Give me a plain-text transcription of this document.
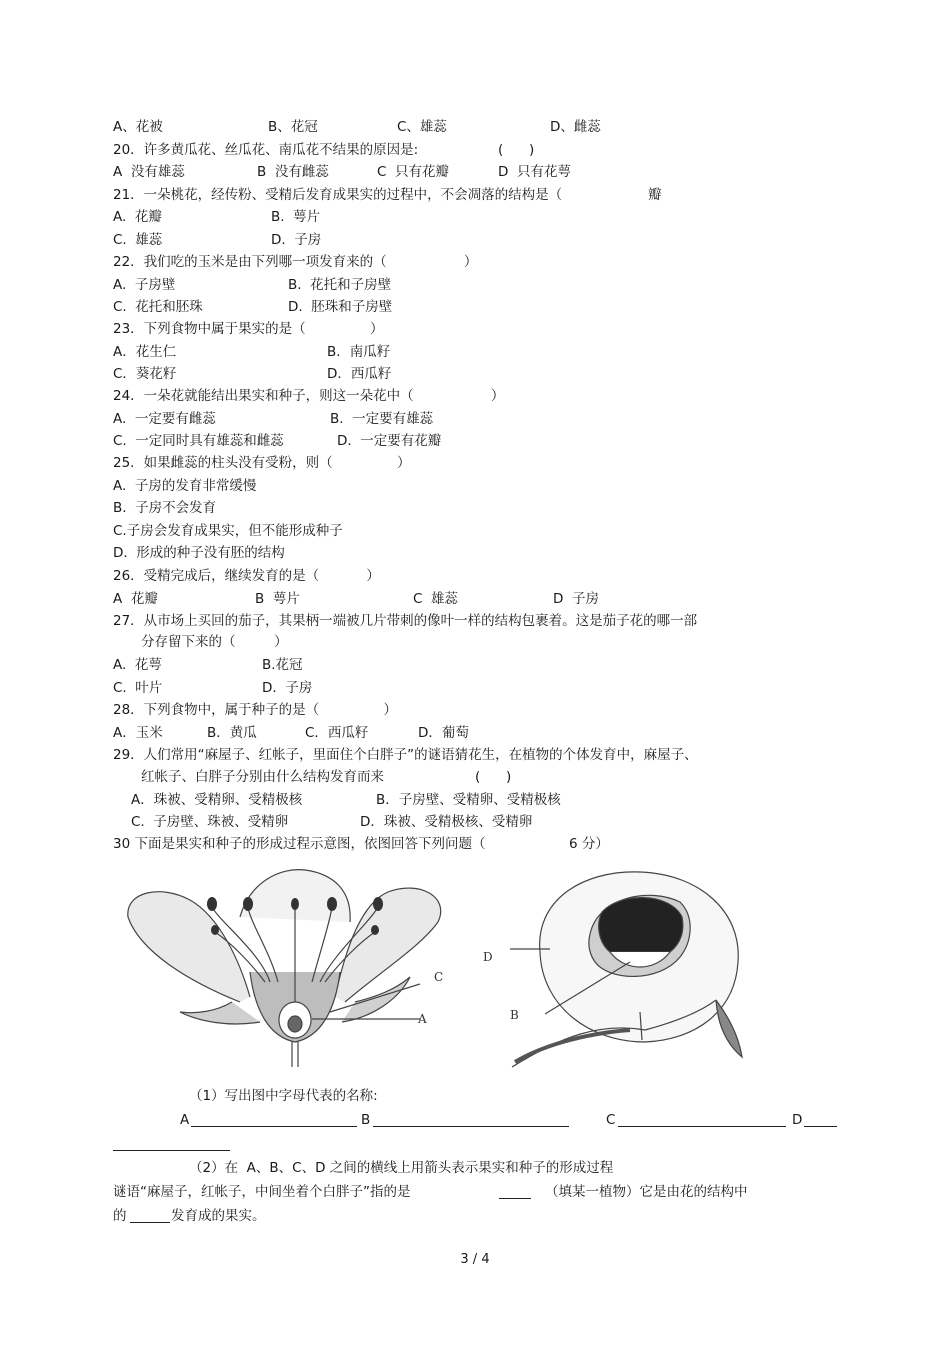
A、花被	B、花冠	C、雄蕊	D、雌蕊
20．许多黄瓜花、丝瓜花、南瓜花不结果的原因是:	(      )
A  没有雄蕊	B  没有雌蕊	C  只有花瓣	D  只有花萼
21．一朵桃花，经传粉、受精后发育成果实的过程中，不会凋落的结构是（                    瓣
A.  花瓣	B.  萼片
C.  雄蕊	D.  子房
22．我们吃的玉米是由下列哪一项发育来的（                  ）
A.  子房壁	B.  花托和子房壁
C.  花托和胚珠	D.  胚珠和子房壁
23．下列食物中属于果实的是（               ）
A．花生仁	B．南瓜籽
C．葵花籽	D．西瓜籽
24．一朵花就能结出果实和种子，则这一朵花中（                  ）
A.  一定要有雌蕊	B.  一定要有雄蕊
C.  一定同时具有雄蕊和雌蕊	D.  一定要有花瓣
25．如果雌蕊的柱头没有受粉，则（               ）
A.  子房的发育非常缓慢
B.  子房不会发育
C.子房会发育成果实，但不能形成种子
D.  形成的种子没有胚的结构
26．受精完成后，继续发育的是（           ）
A  花瓣	B  萼片	C  雄蕊	D  子房
27．从市场上买回的茄子，其果柄一端被几片带刺的像叶一样的结构包裹着。这是茄子花的哪一部
分存留下来的（         ）
A.  花萼	B.花冠
C.  叶片	D.  子房
28．下列食物中，属于种子的是（               ）
A．玉米	B．黄瓜	C．西瓜籽	D．葡萄
29．人们常用“麻屋子、红帐子，里面住个白胖子”的谜语猜花生，在植物的个体发育中，麻屋子、
红帐子、白胖子分别由什么结构发育而来	(      )
A．珠被、受精卵、受精极核	B．子房壁、受精卵、受精极核
C.  子房壁、珠被、受精卵	D．珠被、受精极核、受精卵
30 下面是果实和种子的形成过程示意图，依图回答下列问题（	6 分）
C
A
D
B
（1）写出图中字母代表的名称:
A	B	C	D
（2）在  A、B、C、D 之间的横线上用箭头表示果实和种子的形成过程
谜语“麻屋子，红帐子，中间坐着个白胖子”指的是	（填某一植物）它是由花的结构中
的	发育成的果实。
3 / 4
